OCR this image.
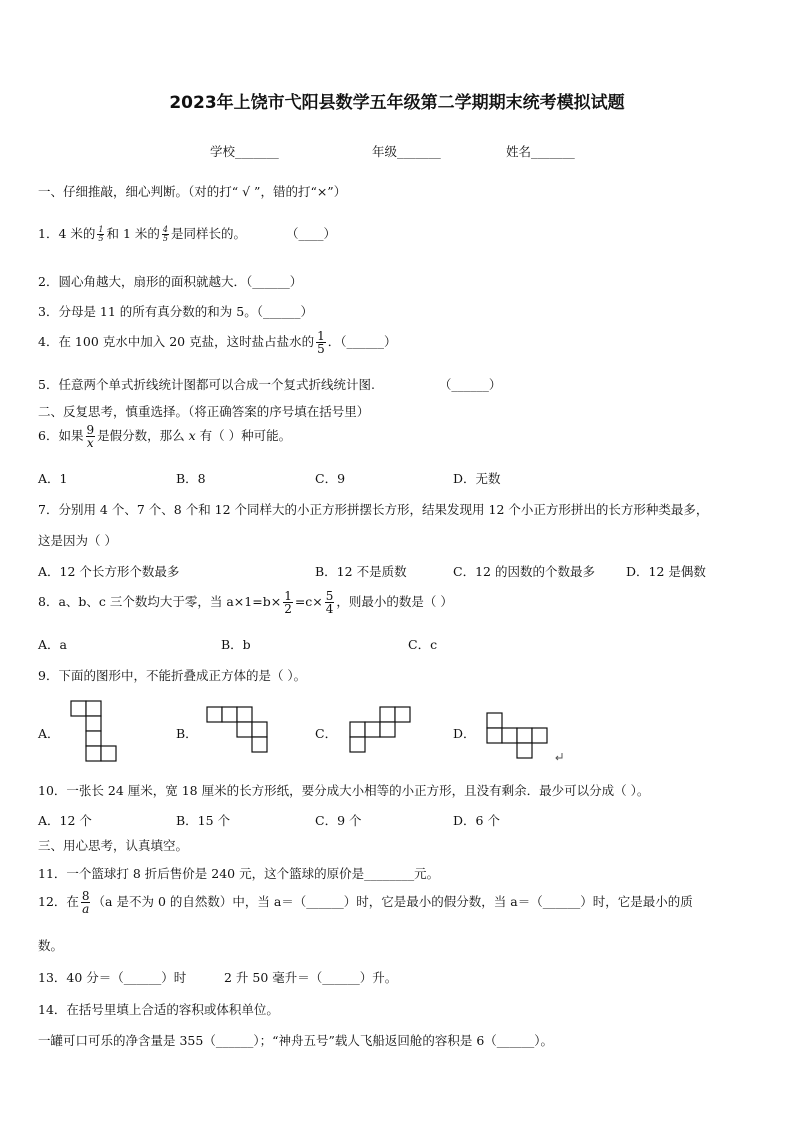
2023年上饶市弋阳县数学五年级第二学期期末统考模拟试题
学校_______	年级_______	姓名_______
一、仔细推敲，细心判断。（对的打“ √ ”，错的打“×”）
1．4 米的 $\frac{1}{5}$ 和 1 米的 $\frac{4}{5}$ 是同样长的。	（____）
2．圆心角越大，扇形的面积就越大．（______）
3．分母是 11 的所有真分数的和为 5。（______）
4．在 100 克水中加入 20 克盐，这时盐占盐水的 $\frac{1}{5}$ ．（______）
5．任意两个单式折线统计图都可以合成一个复式折线统计图.	（______）
二、反复思考，慎重选择。（将正确答案的序号填在括号里）
6．如果 $\frac{9}{x}$ 是假分数，那么 x 有（ ）种可能。
A．1	B．8	C．9	D．无数
7．分别用 4 个、7 个、8 个和 12 个同样大的小正方形拼摆长方形，结果发现用 12 个小正方形拼出的长方形种类最多，
这是因为（ ）
A．12 个长方形个数最多	B．12 不是质数	C．12 的因数的个数最多 D．12 是偶数
8．a、b、c 三个数均大于零，当 $a\times 1=b\times \frac{1}{2} =c\times \frac{5}{4}$ ，则最小的数是（ ）
A．a	B．b	C．c
9．下面的图形中，不能折叠成正方体的是（ ）。
A．	B．	C．	D．
10．一张长 24 厘米，宽 18 厘米的长方形纸，要分成大小相等的小正方形，且没有剩余．最少可以分成（ ）。
A．12 个	B．15 个	C．9 个	D．6 个
三、用心思考，认真填空。
11．一个篮球打 8 折后售价是 240 元，这个篮球的原价是________元。
12．在 $\frac{8}{a} (a$ 是不为 0 的自然数）中，当 a＝（______）时，它是最小的假分数，当 a＝（______）时，它是最小的质
数。
13．40 分＝（______）时	2 升 50 毫升＝（______）升。
14．在括号里填上合适的容积或体积单位。
一罐可口可乐的净含量是 355（______）；“神舟五号”载人飞船返回舱的容积是 6（______）。
